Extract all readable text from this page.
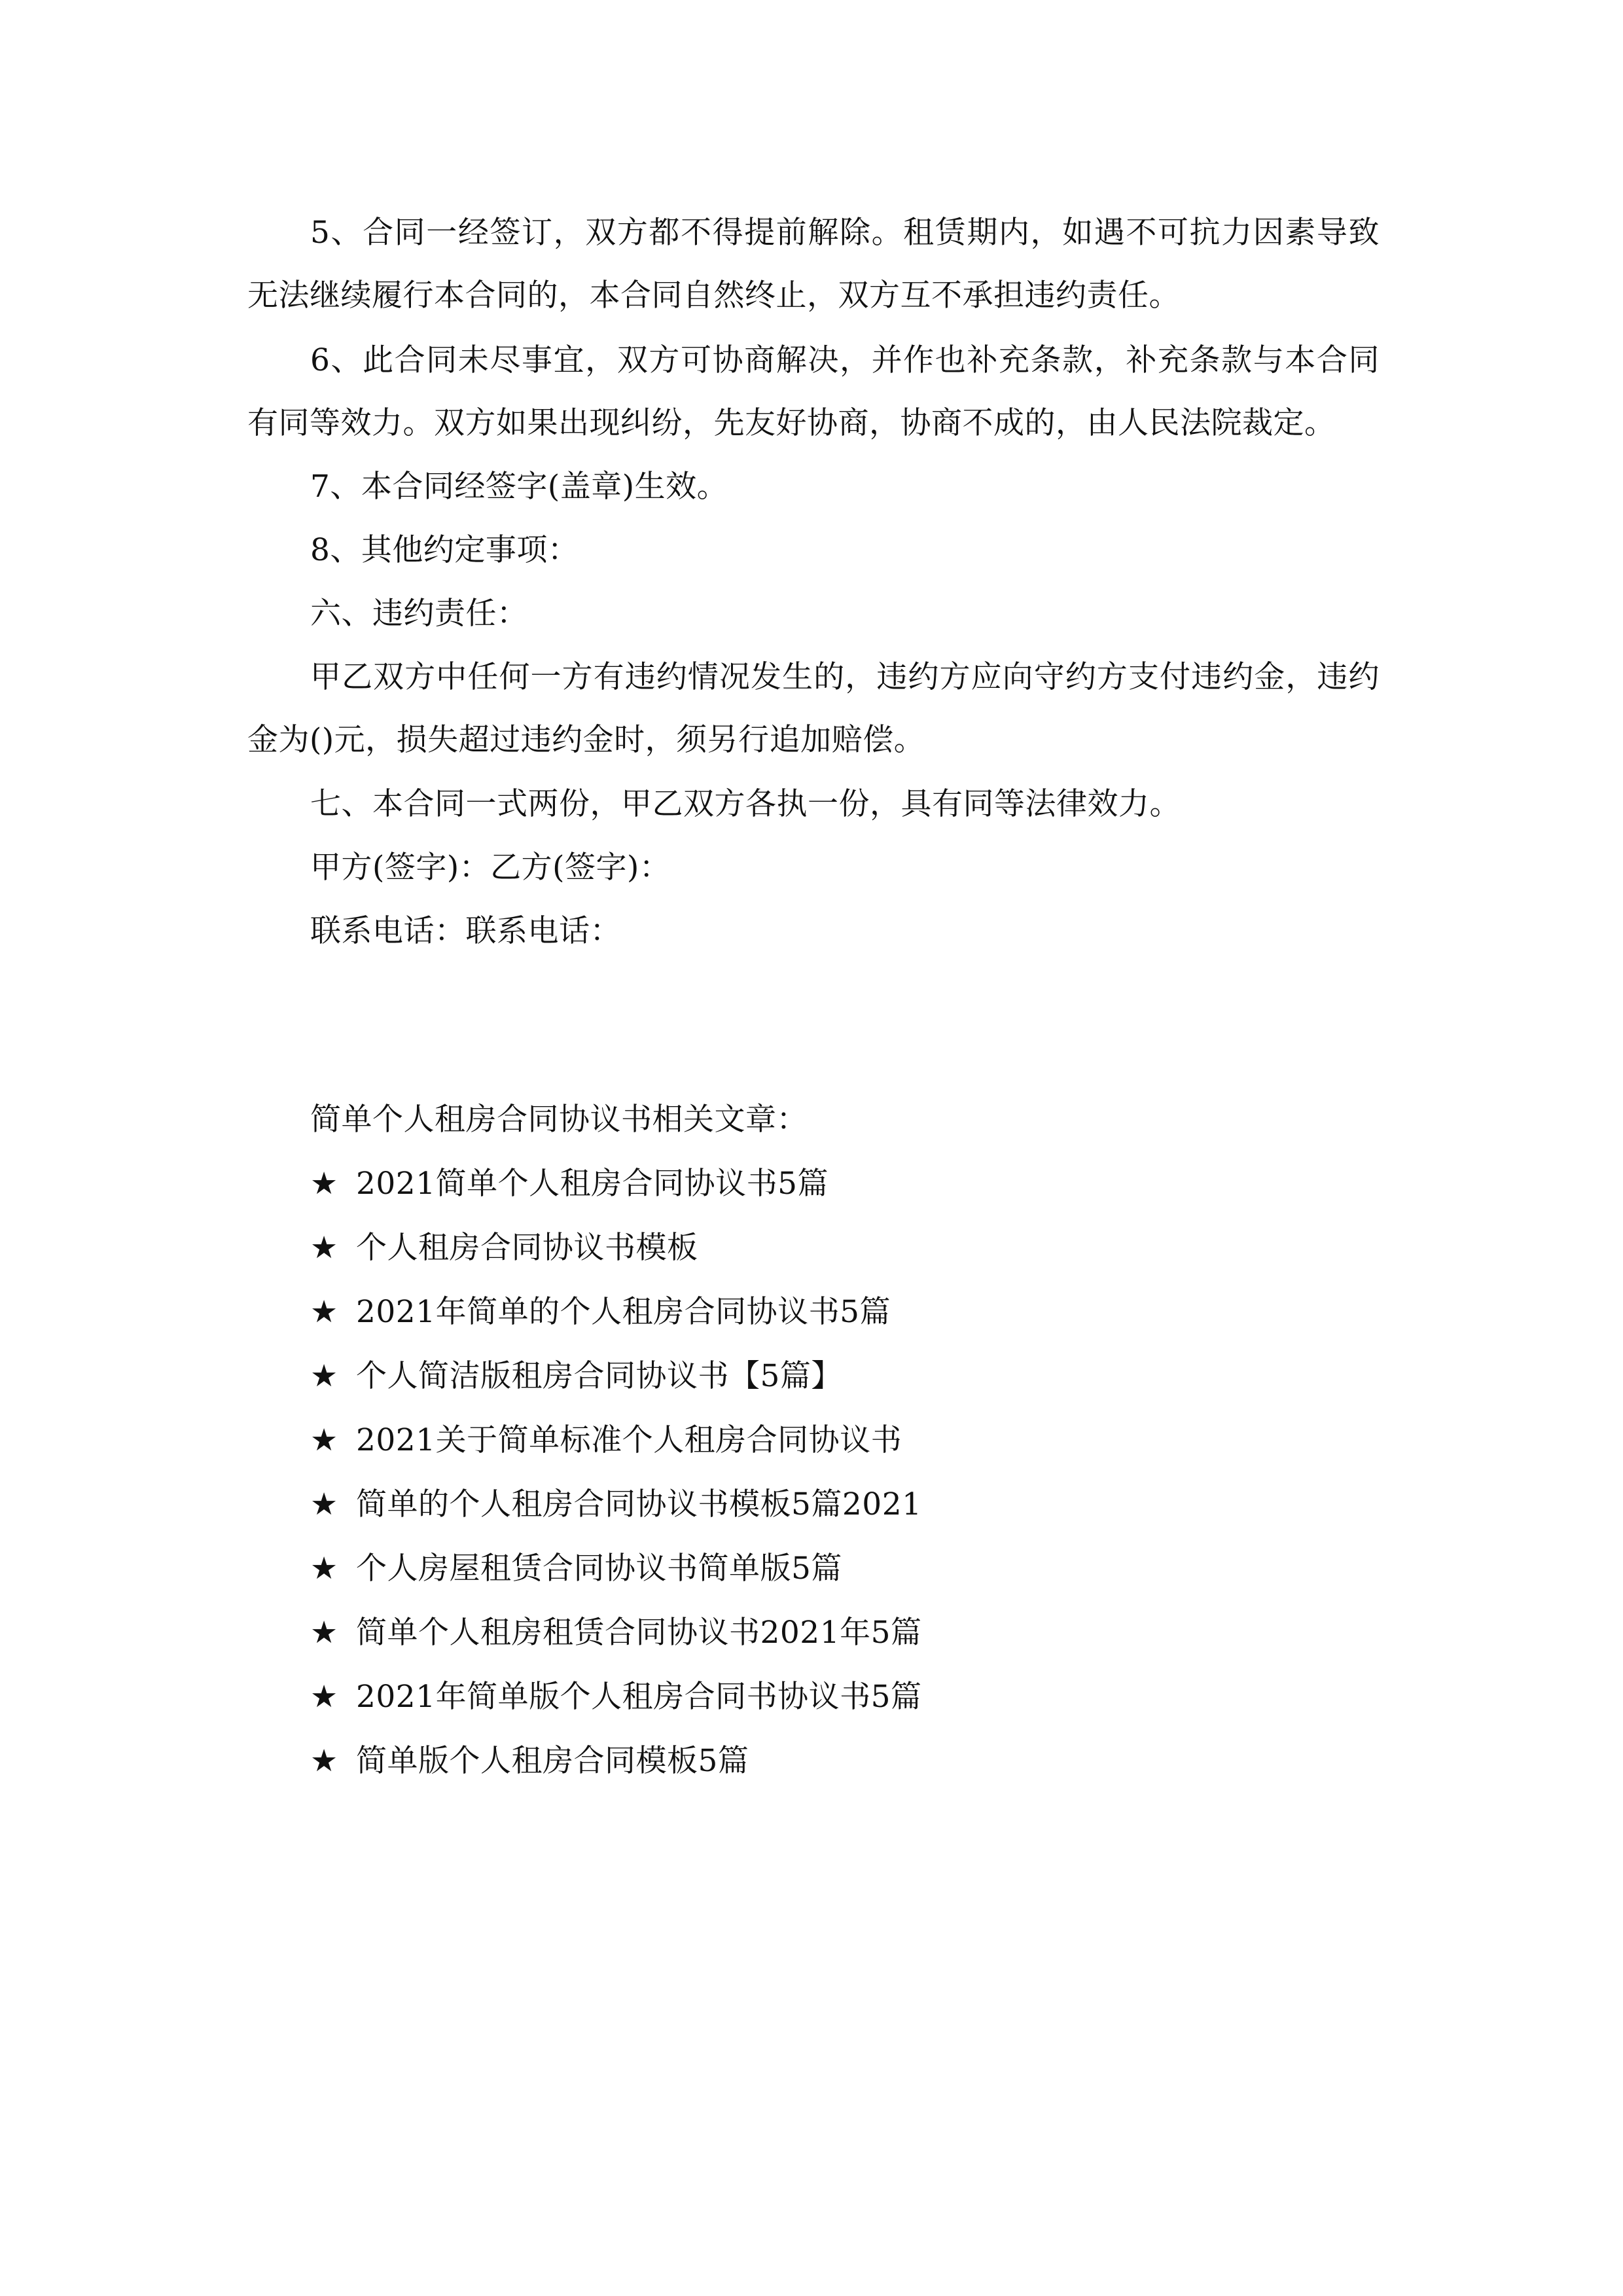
5、合同一经签订，双方都不得提前解除。租赁期内，如遇不可抗力因素导致无法继续履行本合同的，本合同自然终止，双方互不承担违约责任。

6、此合同未尽事宜，双方可协商解决，并作也补充条款，补充条款与本合同有同等效力。双方如果出现纠纷，先友好协商，协商不成的，由人民法院裁定。

7、本合同经签字(盖章)生效。

8、其他约定事项：

六、违约责任：

甲乙双方中任何一方有违约情况发生的，违约方应向守约方支付违约金，违约金为()元，损失超过违约金时，须另行追加赔偿。

七、本合同一式两份，甲乙双方各执一份，具有同等法律效力。

甲方(签字)：乙方(签字)：

联系电话：联系电话：

简单个人租房合同协议书相关文章：

★ 2021简单个人租房合同协议书5篇
★ 个人租房合同协议书模板
★ 2021年简单的个人租房合同协议书5篇
★ 个人简洁版租房合同协议书【5篇】
★ 2021关于简单标准个人租房合同协议书
★ 简单的个人租房合同协议书模板5篇2021
★ 个人房屋租赁合同协议书简单版5篇
★ 简单个人租房租赁合同协议书2021年5篇
★ 2021年简单版个人租房合同书协议书5篇
★ 简单版个人租房合同模板5篇
